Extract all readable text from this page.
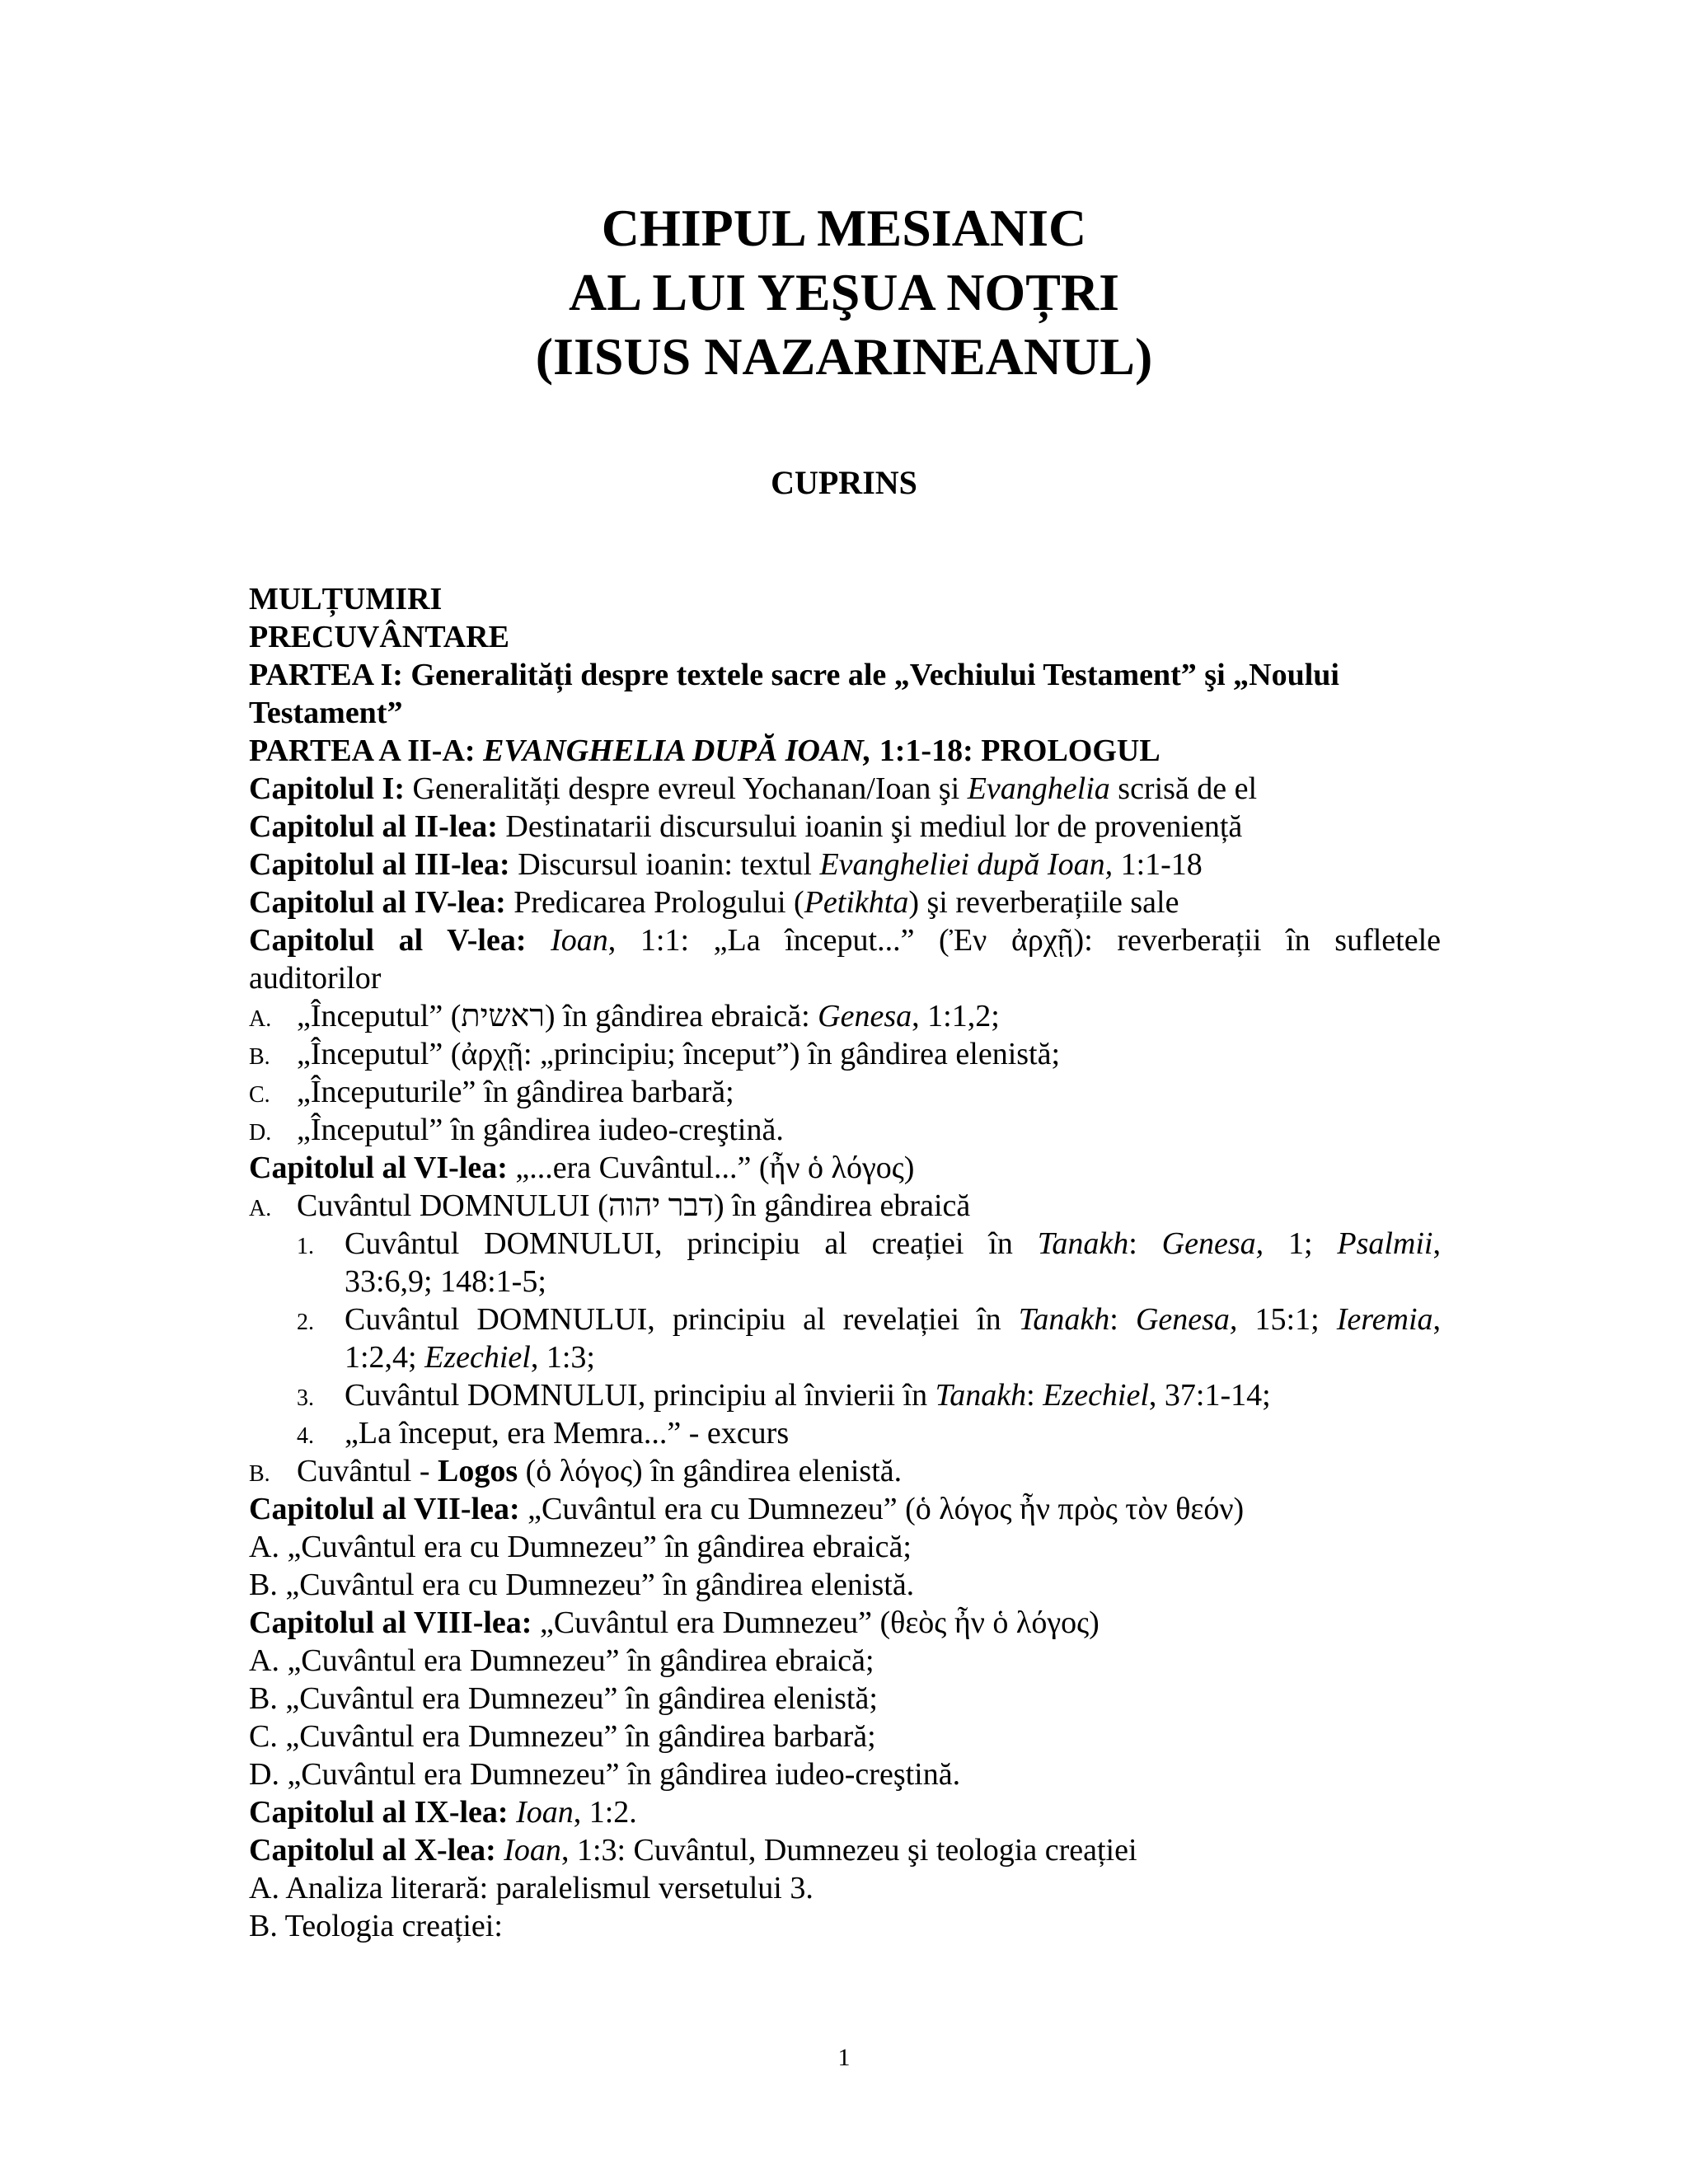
CHIPUL MESIANIC
AL LUI YEŞUA NOȚRI
(IISUS NAZARINEANUL)
CUPRINS
MULȚUMIRI
PRECUVÂNTARE
PARTEA I: Generalități despre textele sacre ale „Vechiului Testament” şi „Noului
Testament”
PARTEA A II-A: EVANGHELIA DUPĂ IOAN, 1:1-18: PROLOGUL
Capitolul I: Generalități despre evreul Yochanan/Ioan şi Evanghelia scrisă de el
Capitolul al II-lea: Destinatarii discursului ioanin şi mediul lor de proveniență
Capitolul al III-lea: Discursul ioanin: textul Evangheliei după Ioan, 1:1-18
Capitolul al IV-lea: Predicarea Prologului (Petikhta) şi reverberațiile sale
Capitolul al V-lea: Ioan, 1:1: „La început...” (Ἐν ἀρχῇ): reverberații în sufletele
auditorilor
A. „Începutul” (ראשית) în gândirea ebraică: Genesa, 1:1,2;
B. „Începutul” (ἀρχῇ: „principiu; început”) în gândirea elenistă;
C. „Începuturile” în gândirea barbară;
D. „Începutul” în gândirea iudeo-creştină.
Capitolul al VI-lea: „...era Cuvântul...” (ἦν ὁ λόγος)
A. Cuvântul DOMNULUI (דבר יהוה) în gândirea ebraică
1. Cuvântul DOMNULUI, principiu al creației în Tanakh: Genesa, 1; Psalmii,
33:6,9; 148:1-5;
2. Cuvântul DOMNULUI, principiu al revelației în Tanakh: Genesa, 15:1; Ieremia,
1:2,4; Ezechiel, 1:3;
3. Cuvântul DOMNULUI, principiu al învierii în Tanakh: Ezechiel, 37:1-14;
4. „La început, era Memra...” - excurs
B. Cuvântul - Logos (ὁ λόγος) în gândirea elenistă.
Capitolul al VII-lea: „Cuvântul era cu Dumnezeu” (ὁ λόγος ἦν πρὸς τὸν θεόν)
A. „Cuvântul era cu Dumnezeu” în gândirea ebraică;
B. „Cuvântul era cu Dumnezeu” în gândirea elenistă.
Capitolul al VIII-lea: „Cuvântul era Dumnezeu” (θεὸς ἦν ὁ λόγος)
A. „Cuvântul era Dumnezeu” în gândirea ebraică;
B. „Cuvântul era Dumnezeu” în gândirea elenistă;
C. „Cuvântul era Dumnezeu” în gândirea barbară;
D. „Cuvântul era Dumnezeu” în gândirea iudeo-creştină.
Capitolul al IX-lea: Ioan, 1:2.
Capitolul al X-lea: Ioan, 1:3: Cuvântul, Dumnezeu şi teologia creației
A. Analiza literară: paralelismul versetului 3.
B. Teologia creației:
1
